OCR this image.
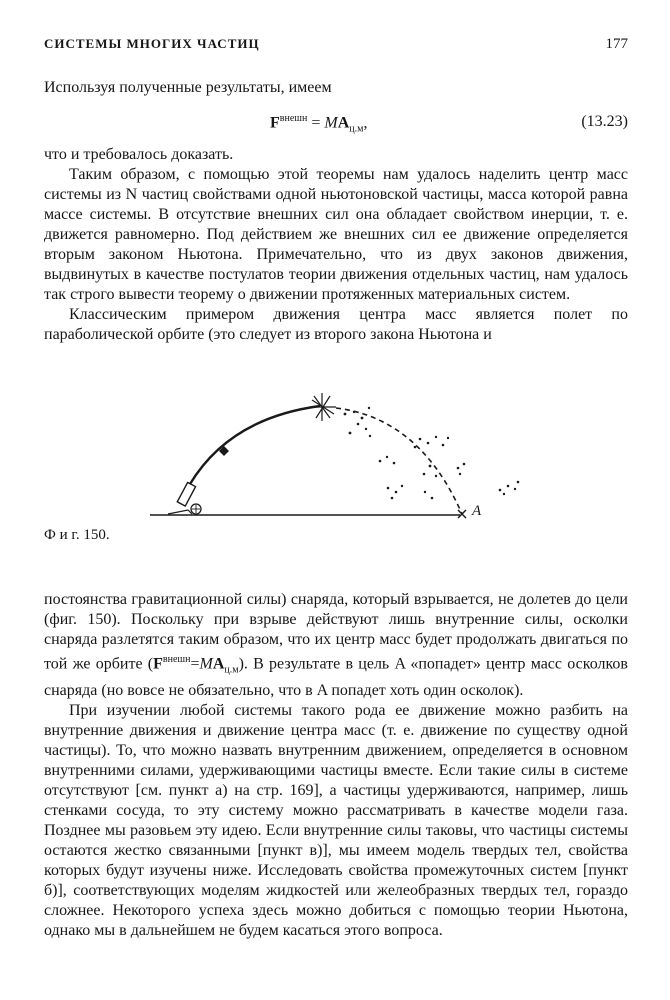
СИСТЕМЫ МНОГИХ ЧАСТИЦ	177

Используя полученные результаты, имеем

$F^{внешн} = MA_{ц.м}$,	(13.23)

что и требовалось доказать.

Таким образом, с помощью этой теоремы нам удалось наделить центр масс системы из N частиц свойствами одной ньютоновской частицы, масса которой равна массе системы. В отсутствие внешних сил она обладает свойством инерции, т. е. движется равномерно. Под действием же внешних сил ее движение определяется вторым законом Ньютона. Примечательно, что из двух законов движения, выдвинутых в качестве постулатов теории движения отдельных частиц, нам удалось так строго вывести теорему о движении протяженных материальных систем.

Классическим примером движения центра масс является полет по параболической орбите (это следует из второго закона Ньютона и

A
Ф и г. 150.

постоянства гравитационной силы) снаряда, который взрывается, не долетев до цели (фиг. 150). Поскольку при взрыве действуют лишь внутренние силы, осколки снаряда разлетятся таким образом, что их центр масс будет продолжать двигаться по той же орбите $(F^{внешн}=MA_{ц.м})$. В результате в цель A «попадет» центр масс осколков снаряда (но вовсе не обязательно, что в A попадет хоть один осколок).

При изучении любой системы такого рода ее движение можно разбить на внутренние движения и движение центра масс (т. е. движение по существу одной частицы). То, что можно назвать внутренним движением, определяется в основном внутренними силами, удерживающими частицы вместе. Если такие силы в системе отсутствуют [см. пункт а) на стр. 169], а частицы удерживаются, например, лишь стенками сосуда, то эту систему можно рассматривать в качестве модели газа. Позднее мы разовьем эту идею. Если внутренние силы таковы, что частицы системы остаются жестко связанными [пункт в)], мы имеем модель твердых тел, свойства которых будут изучены ниже. Исследовать свойства промежуточных систем [пункт б)], соответствующих моделям жидкостей или желеобразных твердых тел, гораздо сложнее. Некоторого успеха здесь можно добиться с помощью теории Ньютона, однако мы в дальнейшем не будем касаться этого вопроса.
